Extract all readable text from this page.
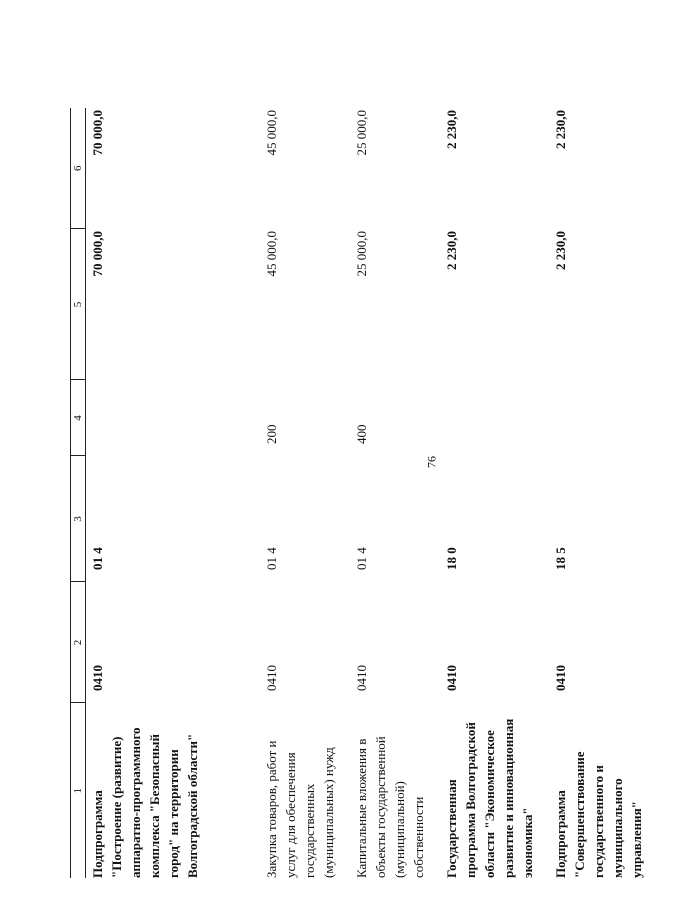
76
1	2	3	4	5	6
Подпрограмма "Построение (развитие) аппаратно-программного комплекса "Безопасный город" на территории Волгоградской области"	0410	01 4		70 000,0	70 000,0
Закупка товаров, работ и услуг для обеспечения государственных (муниципальных) нужд	0410	01 4	200	45 000,0	45 000,0
Капитальные вложения в объекты государственной (муниципальной) собственности	0410	01 4	400	25 000,0	25 000,0
Государственная программа Волгоградской области "Экономическое развитие и инновационная экономика"	0410	18 0		2 230,0	2 230,0
Подпрограмма "Совершенствование государственного и муниципального управления"	0410	18 5		2 230,0	2 230,0
